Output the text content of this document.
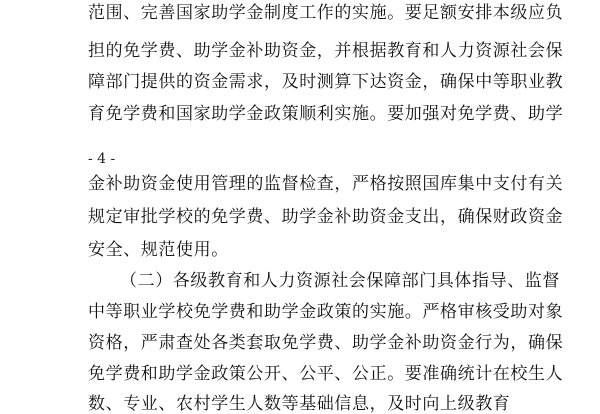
范围、完善国家助学金制度工作的实施。要足额安排本级应负
担的免学费、助学金补助资金，并根据教育和人力资源社会保
障部门提供的资金需求，及时测算下达资金，确保中等职业教
育免学费和国家助学金政策顺利实施。要加强对免学费、助学
- 4 -
金补助资金使用管理的监督检查，严格按照国库集中支付有关
规定审批学校的免学费、助学金补助资金支出，确保财政资金
安全、规范使用。
（二）各级教育和人力资源社会保障部门具体指导、监督
中等职业学校免学费和助学金政策的实施。严格审核受助对象
资格，严肃查处各类套取免学费、助学金补助资金行为，确保
免学费和助学金政策公开、公平、公正。要准确统计在校生人
数、专业、农村学生人数等基础信息，及时向上级教育
